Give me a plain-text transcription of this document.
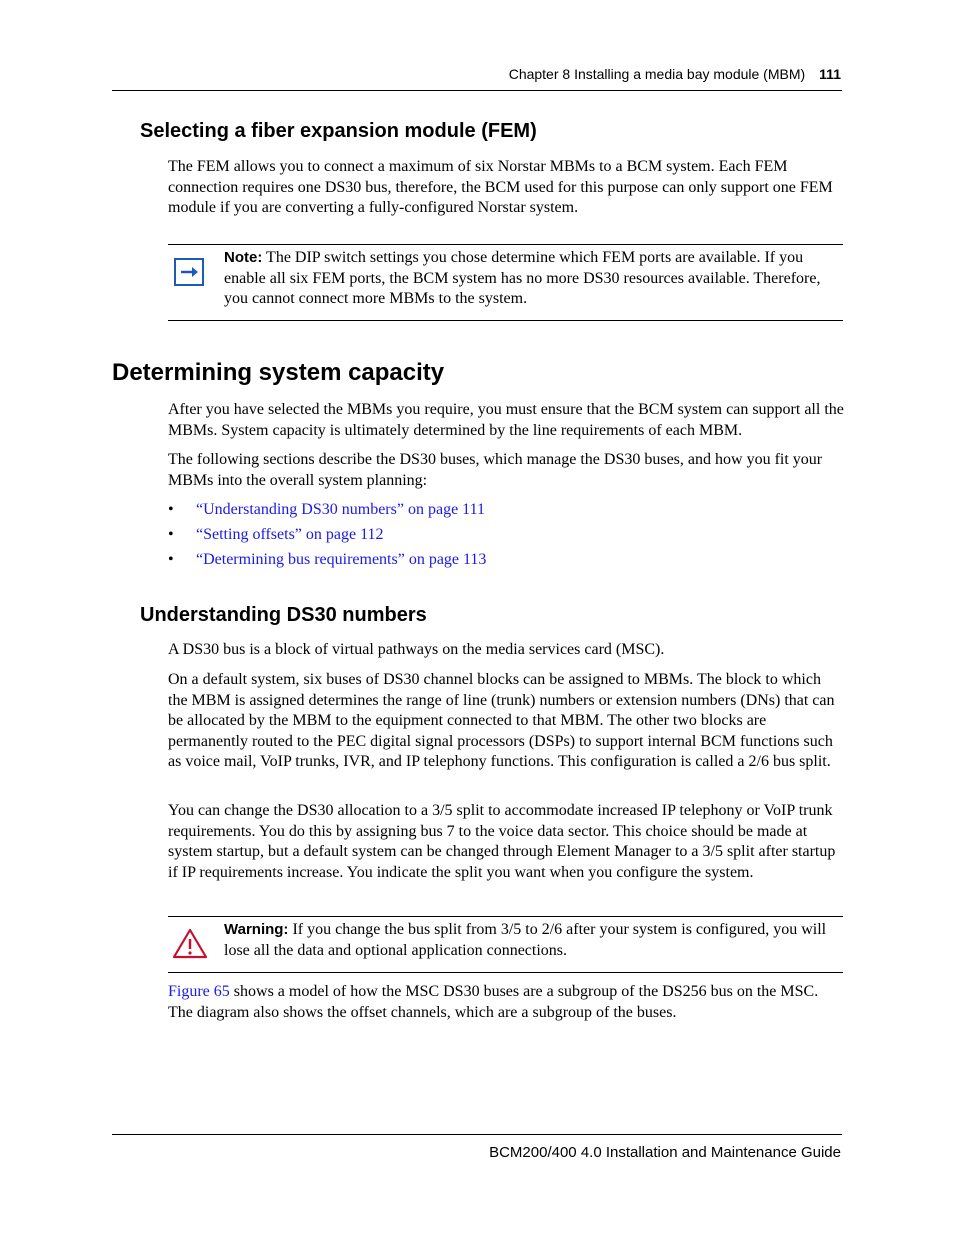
Chapter 8 Installing a media bay module (MBM) 111
Selecting a fiber expansion module (FEM)

The FEM allows you to connect a maximum of six Norstar MBMs to a BCM system. Each FEM connection requires one DS30 bus, therefore, the BCM used for this purpose can only support one FEM module if you are converting a fully-configured Norstar system.

Note: The DIP switch settings you chose determine which FEM ports are available. If you enable all six FEM ports, the BCM system has no more DS30 resources available. Therefore, you cannot connect more MBMs to the system.
Determining system capacity

After you have selected the MBMs you require, you must ensure that the BCM system can support all the MBMs. System capacity is ultimately determined by the line requirements of each MBM.

The following sections describe the DS30 buses, which manage the DS30 buses, and how you fit your MBMs into the overall system planning:

• “Understanding DS30 numbers” on page 111
• “Setting offsets” on page 112
• “Determining bus requirements” on page 113
Understanding DS30 numbers

A DS30 bus is a block of virtual pathways on the media services card (MSC).

On a default system, six buses of DS30 channel blocks can be assigned to MBMs. The block to which the MBM is assigned determines the range of line (trunk) numbers or extension numbers (DNs) that can be allocated by the MBM to the equipment connected to that MBM. The other two blocks are permanently routed to the PEC digital signal processors (DSPs) to support internal BCM functions such as voice mail, VoIP trunks, IVR, and IP telephony functions. This configuration is called a 2/6 bus split.

You can change the DS30 allocation to a 3/5 split to accommodate increased IP telephony or VoIP trunk requirements. You do this by assigning bus 7 to the voice data sector. This choice should be made at system startup, but a default system can be changed through Element Manager to a 3/5 split after startup if IP requirements increase. You indicate the split you want when you configure the system.

Warning: If you change the bus split from 3/5 to 2/6 after your system is configured, you will lose all the data and optional application connections.

Figure 65 shows a model of how the MSC DS30 buses are a subgroup of the DS256 bus on the MSC. The diagram also shows the offset channels, which are a subgroup of the buses.

BCM200/400 4.0 Installation and Maintenance Guide
